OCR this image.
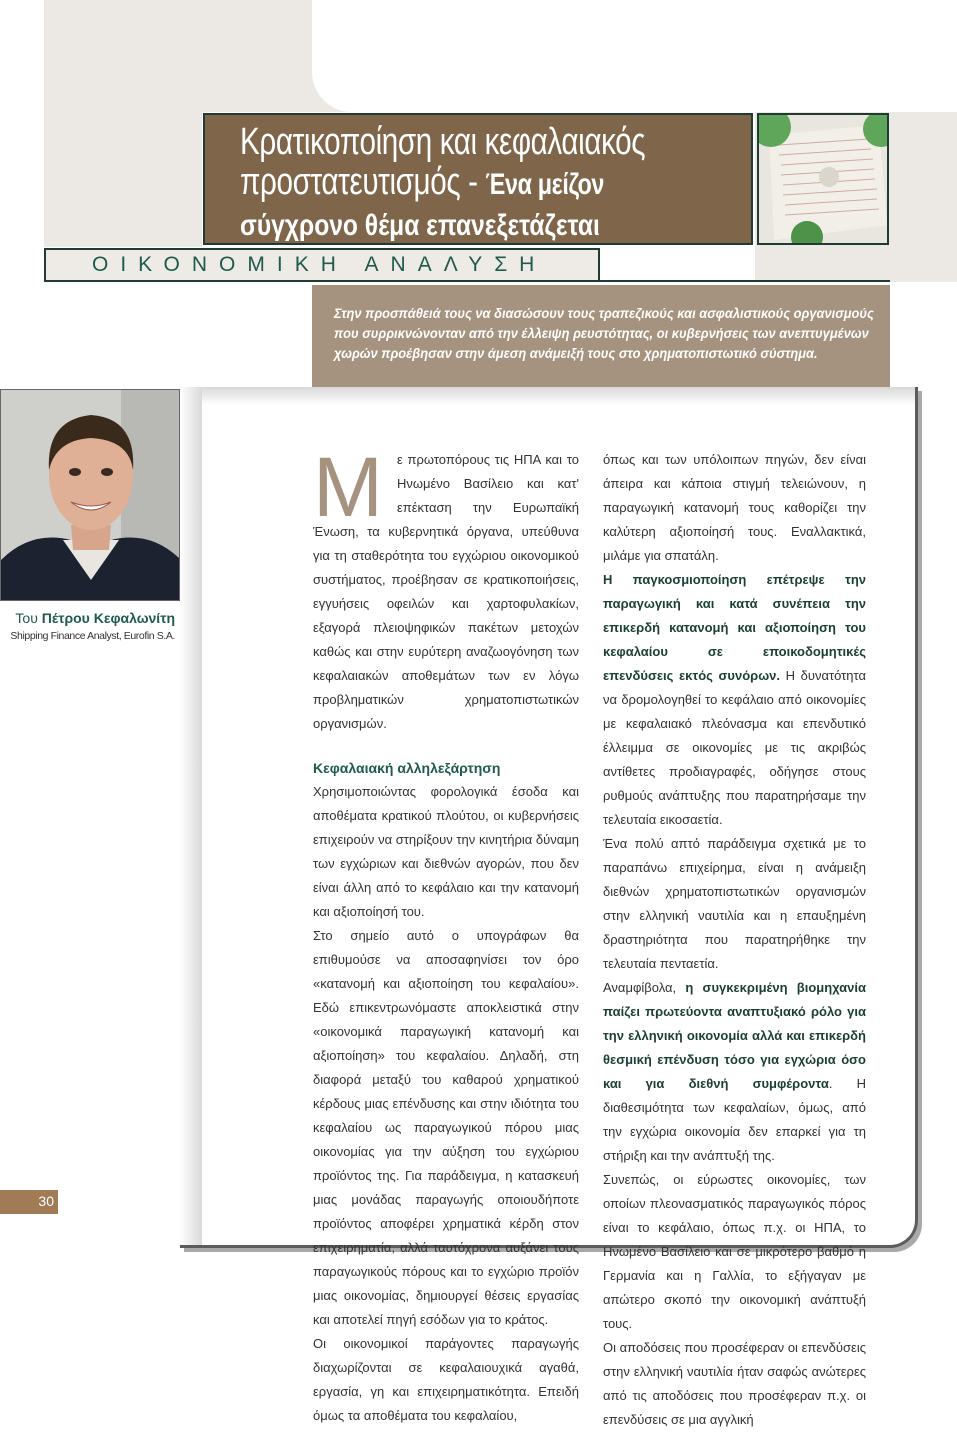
Κρατικοποίηση και κεφαλαιακός
προστατευτισμός - Ένα μείζον
σύγχρονο θέμα επανεξετάζεται
ΟΙΚΟΝΟΜΙΚΗ ΑΝΑΛΥΣΗ

Στην προσπάθειά τους να διασώσουν τους τραπεζικούς και ασφαλιστικούς οργανισμούς που συρρικνώνονταν από την έλλειψη ρευστότητας, οι κυβερνήσεις των ανεπτυγμένων χωρών προέβησαν στην άμεση ανάμειξή τους στο χρηματοπιστωτικό σύστημα.

Του Πέτρου Κεφαλωνίτη
Shipping Finance Analyst, Eurofin S.A.
30

Μ ε πρωτοπόρους τις ΗΠΑ και το Ηνωμένο Βασίλειο και κατ' επέκταση την Ευρωπαϊκή Ένωση, τα κυβερνητικά όργανα, υπεύθυνα για τη σταθερότητα του εγχώριου οικονομικού συστήματος, προέβησαν σε κρατικοποιήσεις, εγγυήσεις οφειλών και χαρτοφυλακίων, εξαγορά πλειοψηφικών πακέτων μετοχών καθώς και στην ευρύτερη αναζωογόνηση των κεφαλαιακών αποθεμάτων των εν λόγω προβληματικών χρηματοπιστωτικών οργανισμών.

Κεφαλαιακή αλληλεξάρτηση

Χρησιμοποιώντας φορολογικά έσοδα και αποθέματα κρατικού πλούτου, οι κυβερνήσεις επιχειρούν να στηρίξουν την κινητήρια δύναμη των εγχώριων και διεθνών αγορών, που δεν είναι άλλη από το κεφάλαιο και την κατανομή και αξιοποίησή του.

Στο σημείο αυτό ο υπογράφων θα επιθυμούσε να αποσαφηνίσει τον όρο «κατανομή και αξιοποίηση του κεφαλαίου». Εδώ επικεντρωνόμαστε αποκλειστικά στην «οικονομικά παραγωγική κατανομή και αξιοποίηση» του κεφαλαίου. Δηλαδή, στη διαφορά μεταξύ του καθαρού χρηματικού κέρδους μιας επένδυσης και στην ιδιότητα του κεφαλαίου ως παραγωγικού πόρου μιας οικονομίας για την αύξηση του εγχώριου προϊόντος της. Για παράδειγμα, η κατασκευή μιας μονάδας παραγωγής οποιουδήποτε προϊόντος αποφέρει χρηματικά κέρδη στον επιχειρηματία, αλλά ταυτόχρονα αυξάνει τους παραγωγικούς πόρους και το εγχώριο προϊόν μιας οικονομίας, δημιουργεί θέσεις εργασίας και αποτελεί πηγή εσόδων για το κράτος.

Οι οικονομικοί παράγοντες παραγωγής διαχωρίζονται σε κεφαλαιουχικά αγαθά, εργασία, γη και επιχειρηματικότητα. Επειδή όμως τα αποθέματα του κεφαλαίου,

όπως και των υπόλοιπων πηγών, δεν είναι άπειρα και κάποια στιγμή τελειώνουν, η παραγωγική κατανομή τους καθορίζει την καλύτερη αξιοποίησή τους. Εναλλακτικά, μιλάμε για σπατάλη.

Η παγκοσμιοποίηση επέτρεψε την παραγωγική και κατά συνέπεια την επικερδή κατανομή και αξιοποίηση του κεφαλαίου σε εποικοδομητικές επενδύσεις εκτός συνόρων. Η δυνατότητα να δρομολογηθεί το κεφάλαιο από οικονομίες με κεφαλαιακό πλεόνασμα και επενδυτικό έλλειμμα σε οικονομίες με τις ακριβώς αντίθετες προδιαγραφές, οδήγησε στους ρυθμούς ανάπτυξης που παρατηρήσαμε την τελευταία εικοσαετία.

Ένα πολύ απτό παράδειγμα σχετικά με το παραπάνω επιχείρημα, είναι η ανάμειξη διεθνών χρηματοπιστωτικών οργανισμών στην ελληνική ναυτιλία και η επαυξημένη δραστηριότητα που παρατηρήθηκε την τελευταία πενταετία.

Αναμφίβολα, η συγκεκριμένη βιομηχανία παίζει πρωτεύοντα αναπτυξιακό ρόλο για την ελληνική οικονομία αλλά και επικερδή θεσμική επένδυση τόσο για εγχώρια όσο και για διεθνή συμφέροντα. Η διαθεσιμότητα των κεφαλαίων, όμως, από την εγχώρια οικονομία δεν επαρκεί για τη στήριξη και την ανάπτυξή της.

Συνεπώς, οι εύρωστες οικονομίες, των οποίων πλεονασματικός παραγωγικός πόρος είναι το κεφάλαιο, όπως π.χ. οι ΗΠΑ, το Ηνωμένο Βασίλειο και σε μικρότερο βαθμό η Γερμανία και η Γαλλία, το εξήγαγαν με απώτερο σκοπό την οικονομική ανάπτυξή τους.

Οι αποδόσεις που προσέφεραν οι επενδύσεις στην ελληνική ναυτιλία ήταν σαφώς ανώτερες από τις αποδόσεις που προσέφεραν π.χ. οι επενδύσεις σε μια αγγλική
